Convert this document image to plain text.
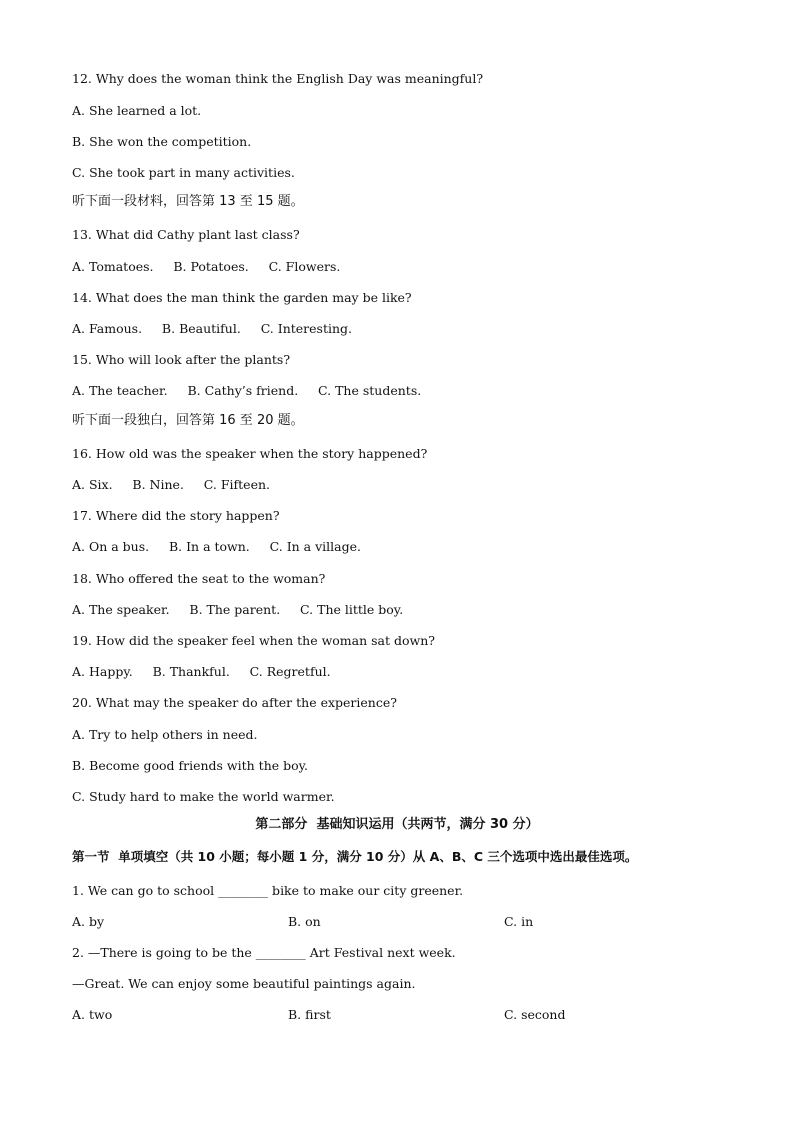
12. Why does the woman think the English Day was meaningful?
A. She learned a lot.
B. She won the competition.
C. She took part in many activities.
听下面一段材料，回答第 13 至 15 题。
13. What did Cathy plant last class?
A. Tomatoes.     B. Potatoes.     C. Flowers.
14. What does the man think the garden may be like?
A. Famous.     B. Beautiful.     C. Interesting.
15. Who will look after the plants?
A. The teacher.     B. Cathy’s friend.     C. The students.
听下面一段独白，回答第 16 至 20 题。
16. How old was the speaker when the story happened?
A. Six.     B. Nine.     C. Fifteen.
17. Where did the story happen?
A. On a bus.     B. In a town.     C. In a village.
18. Who offered the seat to the woman?
A. The speaker.     B. The parent.     C. The little boy.
19. How did the speaker feel when the woman sat down?
A. Happy.     B. Thankful.     C. Regretful.
20. What may the speaker do after the experience?
A. Try to help others in need.
B. Become good friends with the boy.
C. Study hard to make the world warmer.
第二部分  基础知识运用（共两节，满分 30 分）
第一节  单项填空（共 10 小题；每小题 1 分，满分 10 分）从 A、B、C 三个选项中选出最佳选项。
1. We can go to school ________ bike to make our city greener.
A. by	B. on	C. in
2. —There is going to be the ________ Art Festival next week.
—Great. We can enjoy some beautiful paintings again.
A. two	B. first	C. second
